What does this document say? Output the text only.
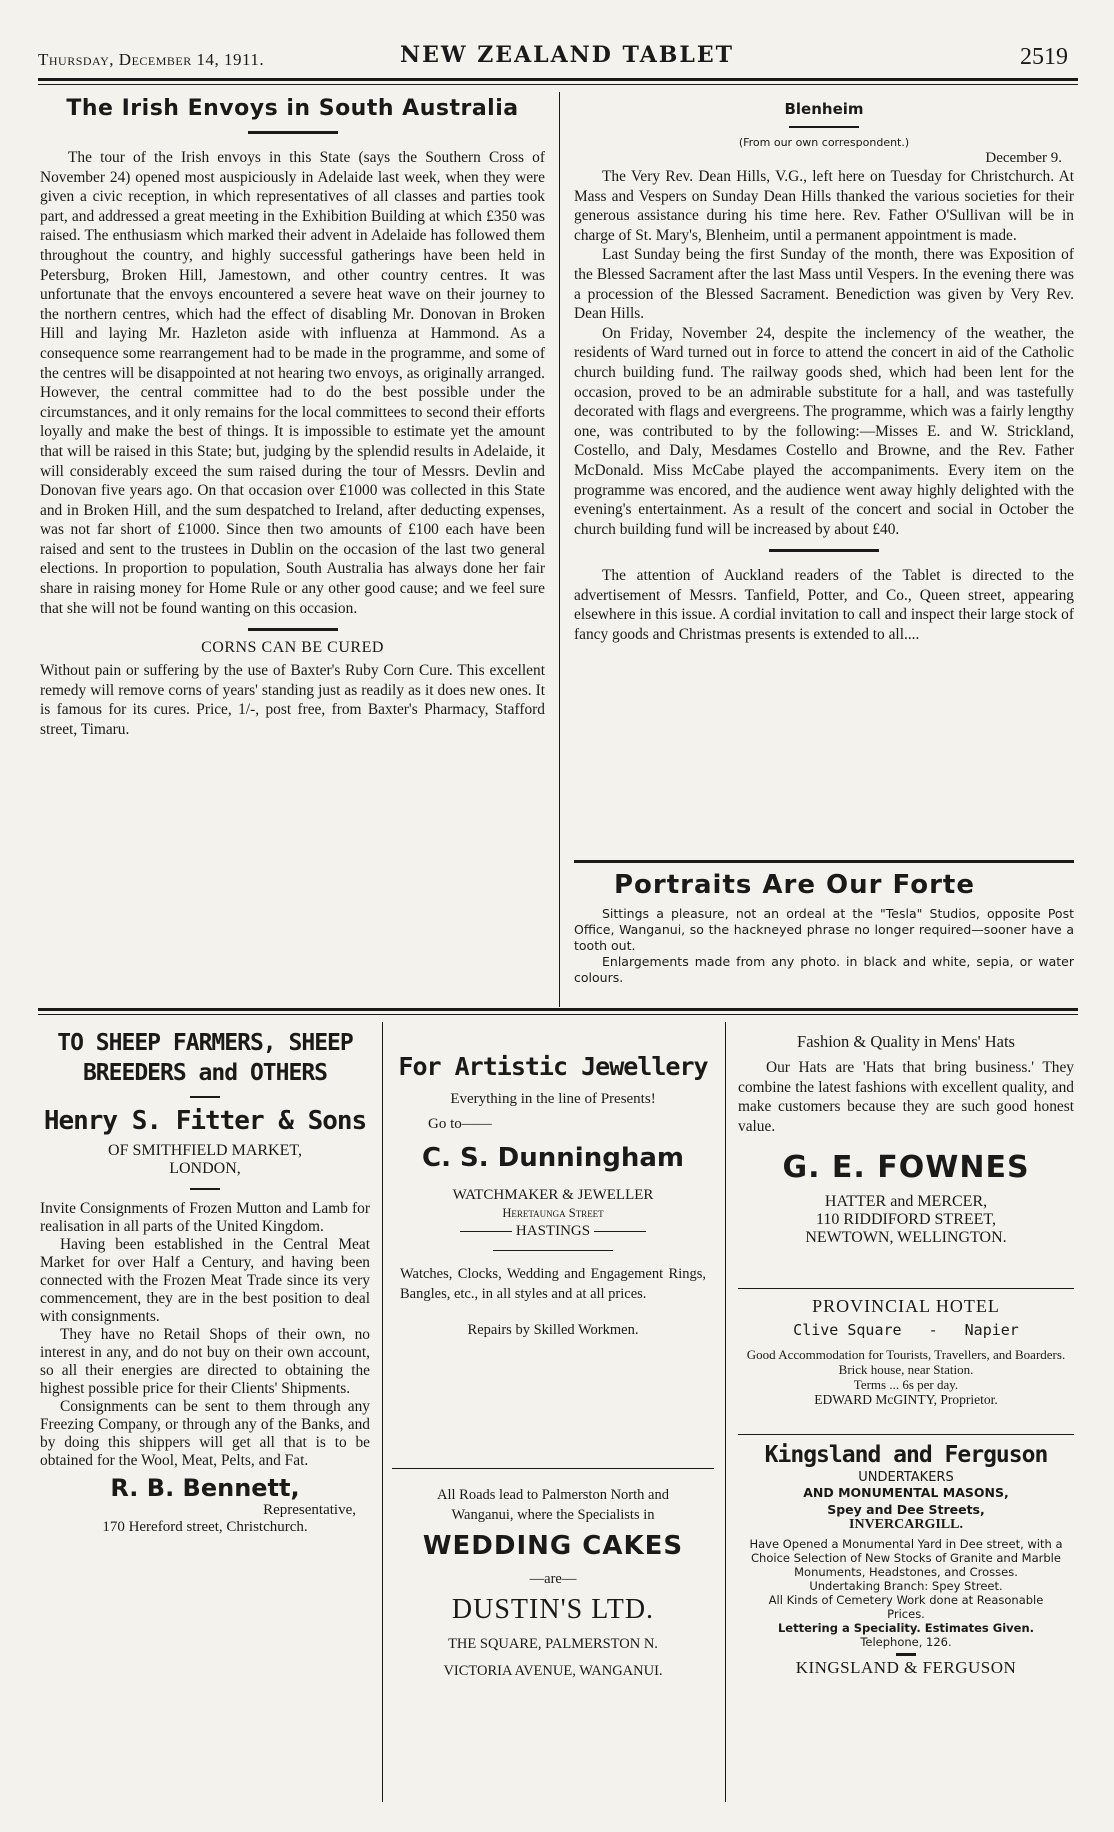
Thursday, December 14, 1911.	NEW ZEALAND TABLET	2519
The Irish Envoys in South Australia

The tour of the Irish envoys in this State (says the Southern Cross of November 24) opened most auspiciously in Adelaide last week, when they were given a civic reception, in which representatives of all classes and parties took part, and addressed a great meeting in the Exhibition Building at which £350 was raised. The enthusiasm which marked their advent in Adelaide has followed them throughout the country, and highly successful gatherings have been held in Petersburg, Broken Hill, Jamestown, and other country centres. It was unfortunate that the envoys encountered a severe heat wave on their journey to the northern centres, which had the effect of disabling Mr. Donovan in Broken Hill and laying Mr. Hazleton aside with influenza at Hammond. As a consequence some rearrangement had to be made in the programme, and some of the centres will be disappointed at not hearing two envoys, as originally arranged. However, the central committee had to do the best possible under the circumstances, and it only remains for the local committees to second their efforts loyally and make the best of things. It is impossible to estimate yet the amount that will be raised in this State; but, judging by the splendid results in Adelaide, it will considerably exceed the sum raised during the tour of Messrs. Devlin and Donovan five years ago. On that occasion over £1000 was collected in this State and in Broken Hill, and the sum despatched to Ireland, after deducting expenses, was not far short of £1000. Since then two amounts of £100 each have been raised and sent to the trustees in Dublin on the occasion of the last two general elections. In proportion to population, South Australia has always done her fair share in raising money for Home Rule or any other good cause; and we feel sure that she will not be found wanting on this occasion.

CORNS CAN BE CURED

Without pain or suffering by the use of Baxter's Ruby Corn Cure. This excellent remedy will remove corns of years' standing just as readily as it does new ones. It is famous for its cures. Price, 1/-, post free, from Baxter's Pharmacy, Stafford street, Timaru.

Blenheim
(From our own correspondent.)
December 9.

The Very Rev. Dean Hills, V.G., left here on Tuesday for Christchurch. At Mass and Vespers on Sunday Dean Hills thanked the various societies for their generous assistance during his time here. Rev. Father O'Sullivan will be in charge of St. Mary's, Blenheim, until a permanent appointment is made.

Last Sunday being the first Sunday of the month, there was Exposition of the Blessed Sacrament after the last Mass until Vespers. In the evening there was a procession of the Blessed Sacrament. Benediction was given by Very Rev. Dean Hills.

On Friday, November 24, despite the inclemency of the weather, the residents of Ward turned out in force to attend the concert in aid of the Catholic church building fund. The railway goods shed, which had been lent for the occasion, proved to be an admirable substitute for a hall, and was tastefully decorated with flags and evergreens. The programme, which was a fairly lengthy one, was contributed to by the following:—Misses E. and W. Strickland, Costello, and Daly, Mesdames Costello and Browne, and the Rev. Father McDonald. Miss McCabe played the accompaniments. Every item on the programme was encored, and the audience went away highly delighted with the evening's entertainment. As a result of the concert and social in October the church building fund will be increased by about £40.

The attention of Auckland readers of the Tablet is directed to the advertisement of Messrs. Tanfield, Potter, and Co., Queen street, appearing elsewhere in this issue. A cordial invitation to call and inspect their large stock of fancy goods and Christmas presents is extended to all....

Portraits Are Our Forte

Sittings a pleasure, not an ordeal at the "Tesla" Studios, opposite Post Office, Wanganui, so the hackneyed phrase no longer required—sooner have a tooth out.

Enlargements made from any photo. in black and white, sepia, or water colours.

TO SHEEP FARMERS, SHEEP
BREEDERS and OTHERS
Henry S. Fitter & Sons
OF SMITHFIELD MARKET,
LONDON,

Invite Consignments of Frozen Mutton and Lamb for realisation in all parts of the United Kingdom.

Having been established in the Central Meat Market for over Half a Century, and having been connected with the Frozen Meat Trade since its very commencement, they are in the best position to deal with consignments.

They have no Retail Shops of their own, no interest in any, and do not buy on their own account, so all their energies are directed to obtaining the highest possible price for their Clients' Shipments.

Consignments can be sent to them through any Freezing Company, or through any of the Banks, and by doing this shippers will get all that is to be obtained for the Wool, Meat, Pelts, and Fat.

R. B. Bennett,
Representative,
170 Hereford street, Christchurch.
For Artistic Jewellery
Everything in the line of Presents!
Go to——
C. S. Dunningham
WATCHMAKER & JEWELLER
Heretaunga Street
HASTINGS

Watches, Clocks, Wedding and Engagement Rings, Bangles, etc., in all styles and at all prices.

Repairs by Skilled Workmen.
All Roads lead to Palmerston North and Wanganui, where the Specialists in
WEDDING CAKES
—are—
DUSTIN'S LTD.
THE SQUARE, PALMERSTON N.
VICTORIA AVENUE, WANGANUI.
Fashion & Quality in Mens' Hats

Our Hats are 'Hats that bring business.' They combine the latest fashions with excellent quality, and make customers because they are such good honest value.

G. E. FOWNES
HATTER and MERCER,
110 RIDDIFORD STREET,
NEWTOWN, WELLINGTON.
PROVINCIAL HOTEL
Clive Square - Napier
Good Accommodation for Tourists, Travellers, and Boarders. Brick house, near Station.
Terms ... 6s per day.
EDWARD McGINTY, Proprietor.
Kingsland and Ferguson
UNDERTAKERS
AND MONUMENTAL MASONS,
Spey and Dee Streets,
INVERCARGILL.
Have Opened a Monumental Yard in Dee street, with a Choice Selection of New Stocks of Granite and Marble Monuments, Headstones, and Crosses.
Undertaking Branch: Spey Street.
All Kinds of Cemetery Work done at Reasonable Prices.
Lettering a Speciality. Estimates Given.
Telephone, 126.
KINGSLAND & FERGUSON
